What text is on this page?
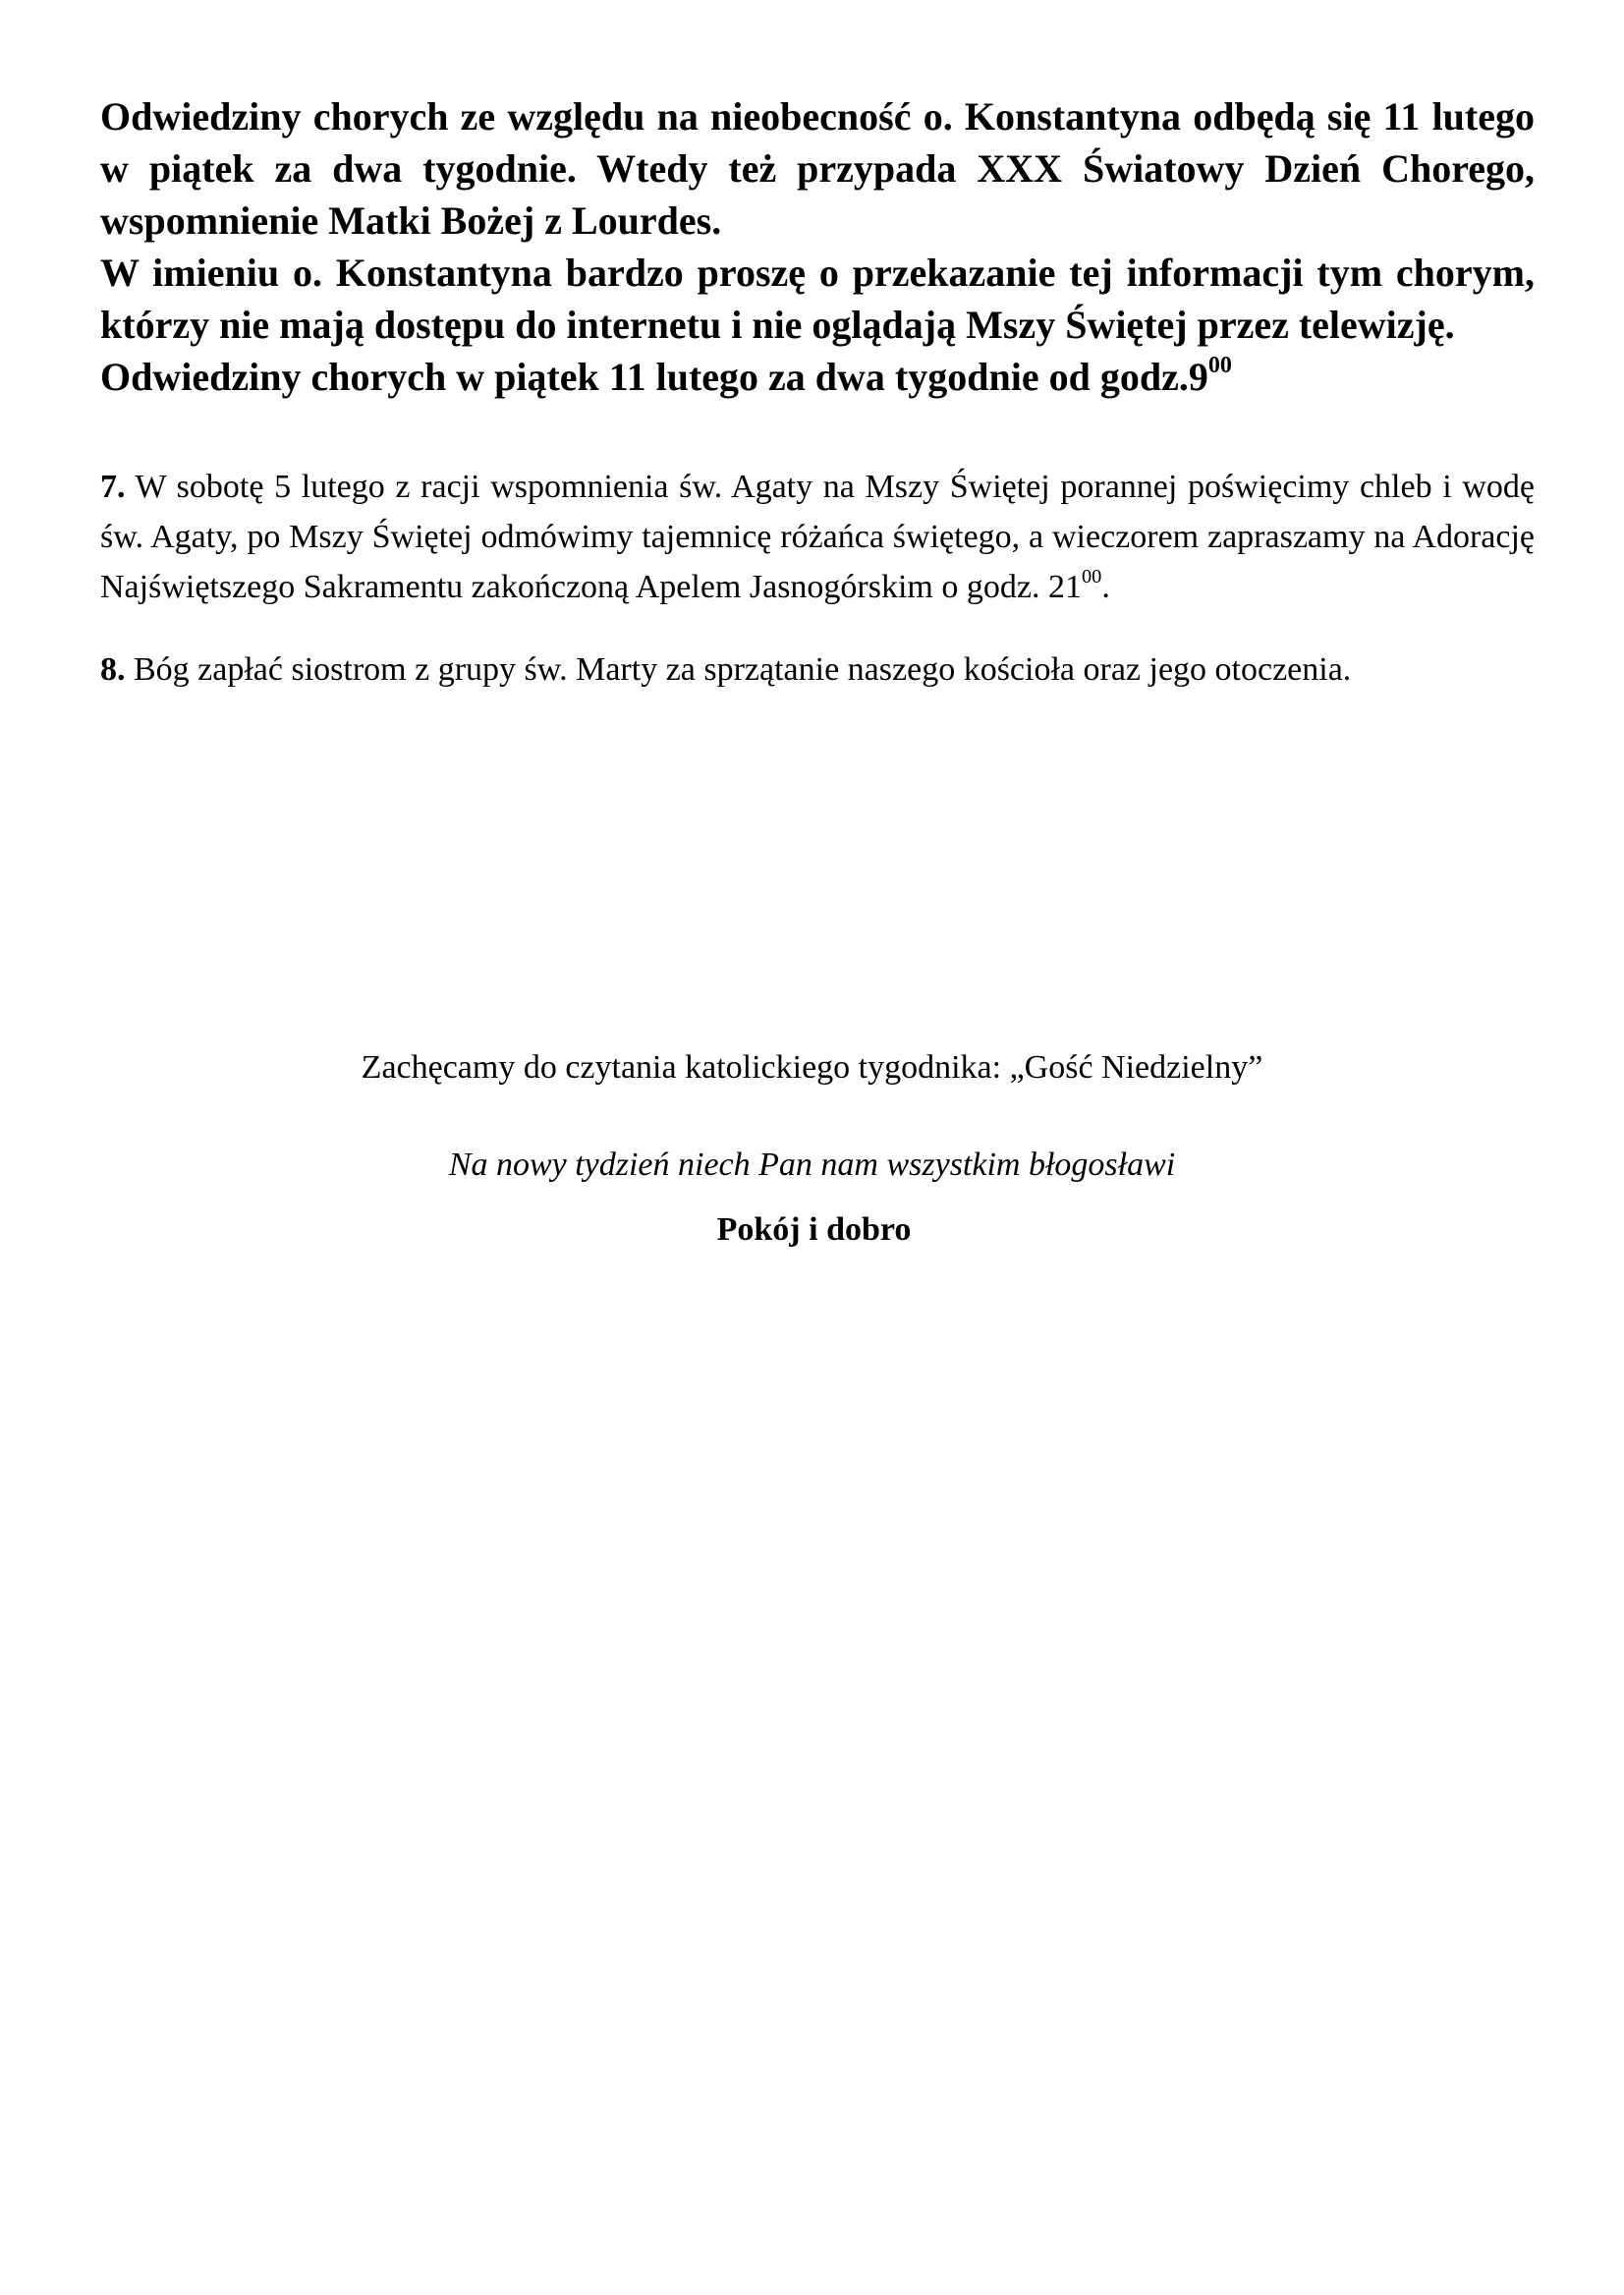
Odwiedziny chorych ze względu na nieobecność o. Konstantyna odbędą się 11 lutego w piątek za dwa tygodnie. Wtedy też przypada XXX Światowy Dzień Chorego, wspomnienie Matki Bożej z Lourdes.

W imieniu o. Konstantyna bardzo proszę o przekazanie tej informacji tym chorym, którzy nie mają dostępu do internetu i nie oglądają Mszy Świętej przez telewizję.

Odwiedziny chorych w piątek 11 lutego za dwa tygodnie od $godz.9^{00}$

7. W sobotę 5 lutego z racji wspomnienia św. Agaty na Mszy Świętej porannej poświęcimy chleb i wodę św. Agaty, po Mszy Świętej odmówimy tajemnicę różańca świętego, a wieczorem zapraszamy na Adorację Najświętszego Sakramentu zakończoną Apelem Jasnogórskim o godz. $21^{00}$.

8. Bóg zapłać siostrom z grupy św. Marty za sprzątanie naszego kościoła oraz jego otoczenia.

Zachęcamy do czytania katolickiego tygodnika: „Gość Niedzielny”

Na nowy tydzień niech Pan nam wszystkim błogosławi

Pokój i dobro
